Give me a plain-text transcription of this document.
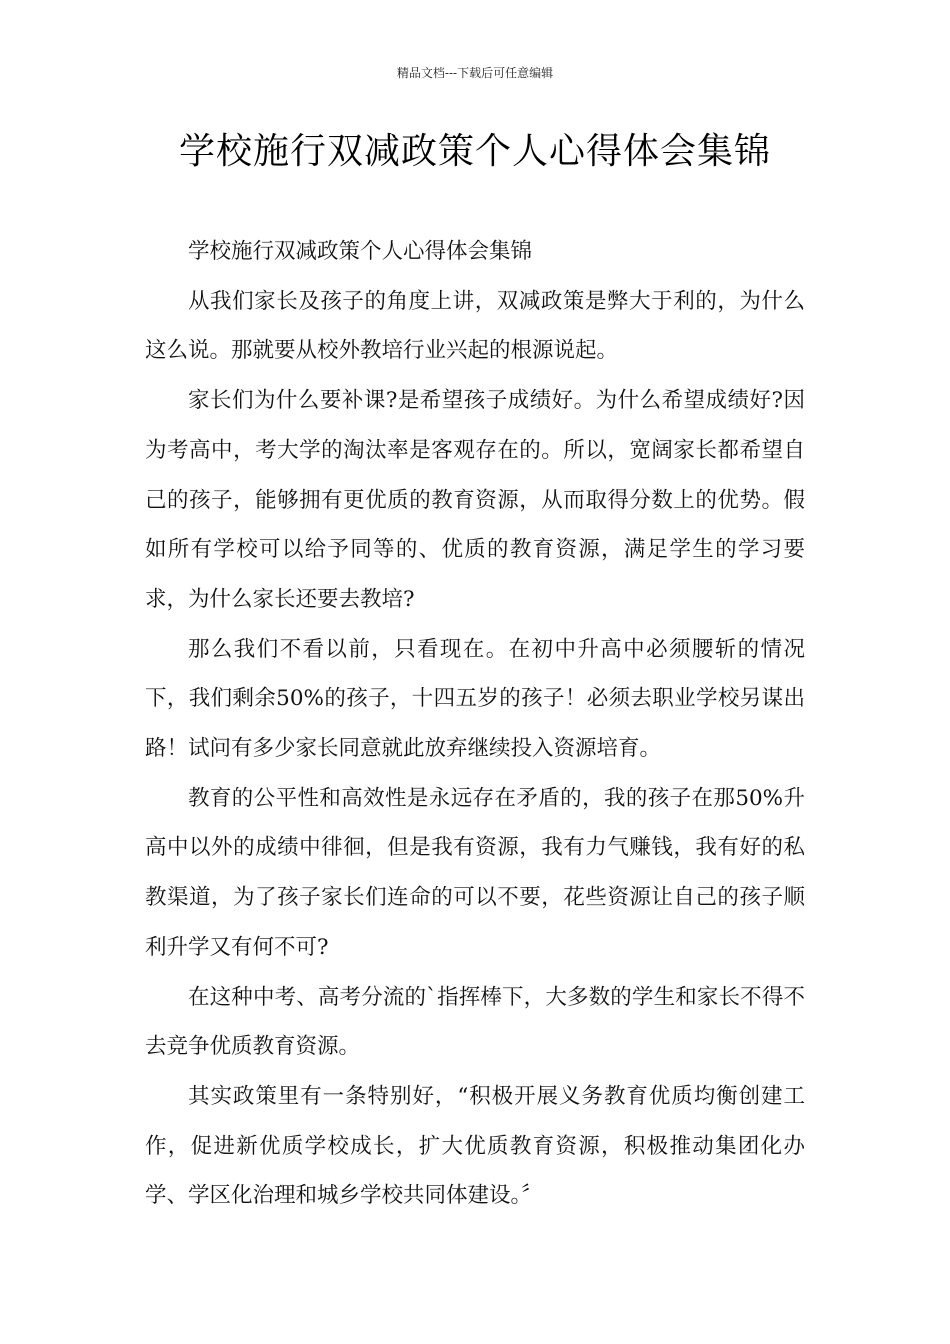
精品文档---下载后可任意编辑
学校施行双减政策个人心得体会集锦

学校施行双减政策个人心得体会集锦

从我们家长及孩子的角度上讲，双减政策是弊大于利的，为什么这么说。那就要从校外教培行业兴起的根源说起。

家长们为什么要补课?是希望孩子成绩好。为什么希望成绩好?因为考高中，考大学的淘汰率是客观存在的。所以，宽阔家长都希望自己的孩子，能够拥有更优质的教育资源，从而取得分数上的优势。假如所有学校可以给予同等的、优质的教育资源，满足学生的学习要求，为什么家长还要去教培?

那么我们不看以前，只看现在。在初中升高中必须腰斩的情况下，我们剩余50%的孩子，十四五岁的孩子！必须去职业学校另谋出路！试问有多少家长同意就此放弃继续投入资源培育。

教育的公平性和高效性是永远存在矛盾的，我的孩子在那50%升高中以外的成绩中徘徊，但是我有资源，我有力气赚钱，我有好的私教渠道，为了孩子家长们连命的可以不要，花些资源让自己的孩子顺利升学又有何不可?

在这种中考、高考分流的`指挥棒下，大多数的学生和家长不得不去竞争优质教育资源。

其实政策里有一条特别好，“积极开展义务教育优质均衡创建工作，促进新优质学校成长，扩大优质教育资源，积极推动集团化办学、学区化治理和城乡学校共同体建设。〞
